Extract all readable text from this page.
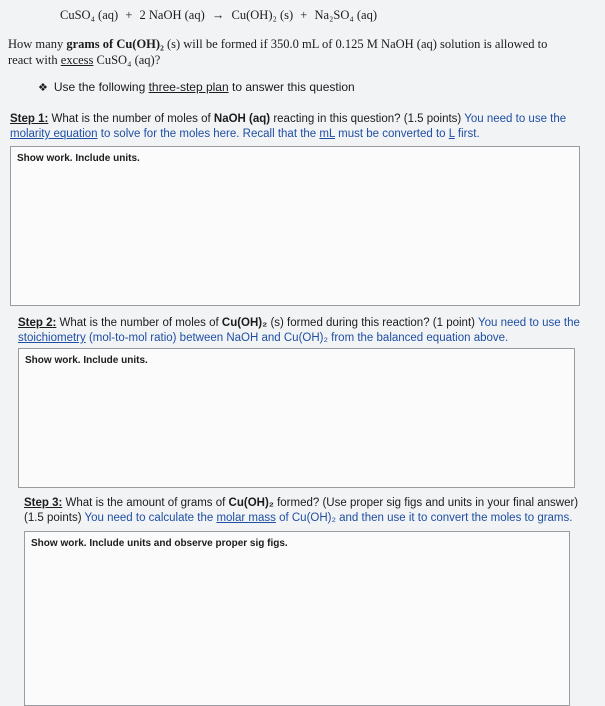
CuSO₄ (aq) + 2 NaOH (aq) → Cu(OH)₂ (s) + Na₂SO₄ (aq)
How many grams of Cu(OH)₂ (s) will be formed if 350.0 mL of 0.125 M NaOH (aq) solution is allowed to
react with excess CuSO₄ (aq)?
❖ Use the following three-step plan to answer this question
Step 1: What is the number of moles of NaOH (aq) reacting in this question? (1.5 points) You need to use the
molarity equation to solve for the moles here. Recall that the mL must be converted to L first.
Show work. Include units.
Step 2: What is the number of moles of Cu(OH)₂ (s) formed during this reaction? (1 point) You need to use the
stoichiometry (mol-to-mol ratio) between NaOH and Cu(OH)₂ from the balanced equation above.
Show work. Include units.
Step 3: What is the amount of grams of Cu(OH)₂ formed? (Use proper sig figs and units in your final answer)
(1.5 points) You need to calculate the molar mass of Cu(OH)₂ and then use it to convert the moles to grams.
Show work. Include units and observe proper sig figs.
